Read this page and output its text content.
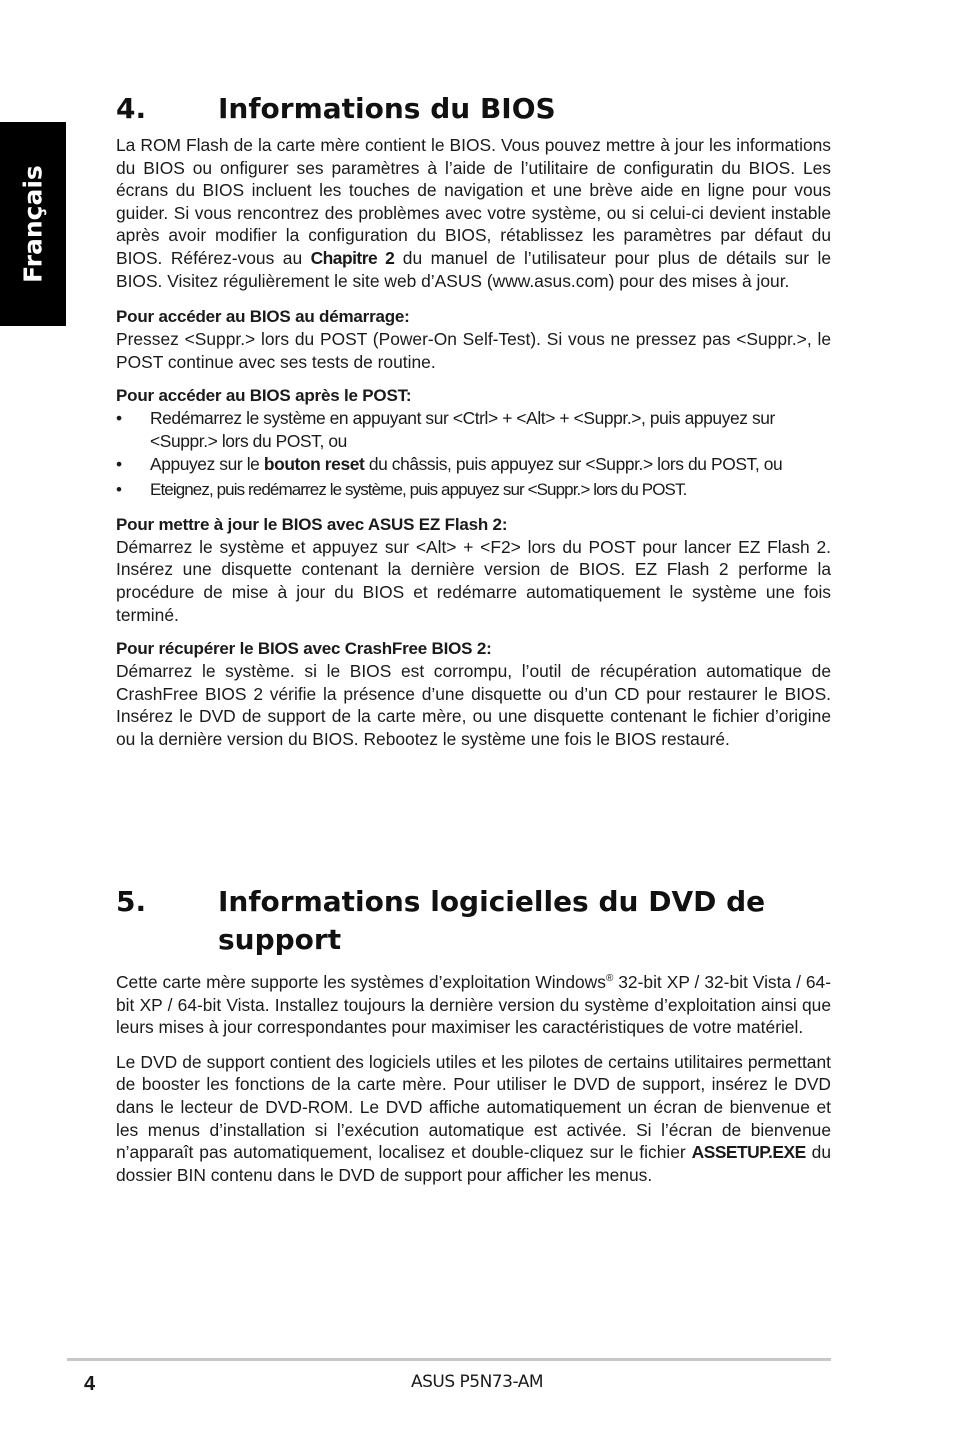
Français
4.	Informations du BIOS

La ROM Flash de la carte mère contient le BIOS. Vous pouvez mettre à jour les informations du BIOS ou onfigurer ses paramètres à l’aide de l’utilitaire de configuratin du BIOS. Les écrans du BIOS incluent les touches de navigation et une brève aide en ligne pour vous guider. Si vous rencontrez des problèmes avec votre système, ou si celui-ci devient instable après avoir modifier la configuration du BIOS, rétablissez les paramètres par défaut du BIOS. Référez-vous au Chapitre 2 du manuel de l’utilisateur pour plus de détails sur le BIOS. Visitez régulièrement le site web d’ASUS (www.asus.com) pour des mises à jour.

Pour accéder au BIOS au démarrage:

Pressez <Suppr.> lors du POST (Power-On Self-Test). Si vous ne pressez pas <Suppr.>, le POST continue avec ses tests de routine.

Pour accéder au BIOS après le POST:
• Redémarrez le système en appuyant sur <Ctrl> + <Alt> + <Suppr.>, puis appuyez sur <Suppr.> lors du POST, ou
• Appuyez sur le bouton reset du châssis, puis appuyez sur <Suppr.> lors du POST, ou
• Eteignez, puis redémarrez le système, puis appuyez sur <Suppr.> lors du POST.
Pour mettre à jour le BIOS avec ASUS EZ Flash 2:

Démarrez le système et appuyez sur <Alt> + <F2> lors du POST pour lancer EZ Flash 2. Insérez une disquette contenant la dernière version de BIOS. EZ Flash 2 performe la procédure de mise à jour du BIOS et redémarre automatiquement le système une fois terminé.

Pour récupérer le BIOS avec CrashFree BIOS 2:

Démarrez le système. si le BIOS est corrompu, l’outil de récupération automatique de CrashFree BIOS 2 vérifie la présence d’une disquette ou d’un CD pour restaurer le BIOS. Insérez le DVD de support de la carte mère, ou une disquette contenant le fichier d’origine ou la dernière version du BIOS. Rebootez le système une fois le BIOS restauré.

5.	Informations logicielles du DVD de support

Cette carte mère supporte les systèmes d’exploitation Windows® 32-bit XP / 32-bit Vista / 64-bit XP / 64-bit Vista. Installez toujours la dernière version du système d’exploitation ainsi que leurs mises à jour correspondantes pour maximiser les caractéristiques de votre matériel.

Le DVD de support contient des logiciels utiles et les pilotes de certains utilitaires permettant de booster les fonctions de la carte mère. Pour utiliser le DVD de support, insérez le DVD dans le lecteur de DVD-ROM. Le DVD affiche automatiquement un écran de bienvenue et les menus d’installation si l’exécution automatique est activée. Si l’écran de bienvenue n’apparaît pas automatiquement, localisez et double-cliquez sur le fichier ASSETUP.EXE du dossier BIN contenu dans le DVD de support pour afficher les menus.

4	ASUS P5N73-AM
